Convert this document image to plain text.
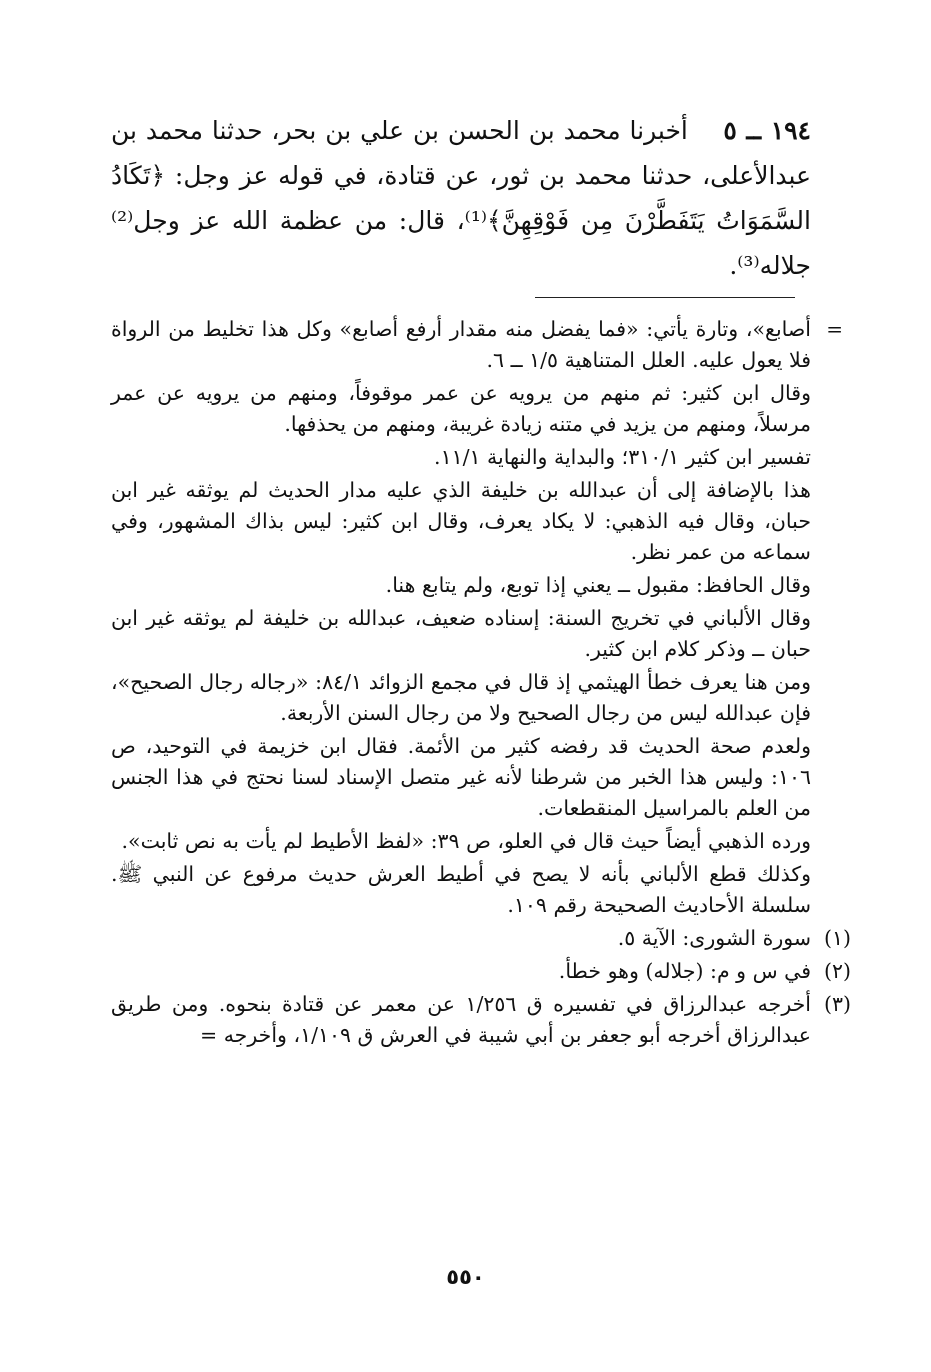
١٩٤ ــ ٥    أخبرنا محمد بن الحسن بن علي بن بحر، حدثنا محمد بن عبدالأعلى، حدثنا محمد بن ثور، عن قتادة، في قوله عز وجل: ﴿تَكَادُ السَّمَوَاتُ يَتَفَطَّرْنَ مِن فَوْقِهِنَّ﴾⁽¹⁾، قال: من عظمة الله عز وجل⁽²⁾ جلاله⁽³⁾.

=

أصابع»، وتارة يأتي: «فما يفضل منه مقدار أرفع أصابع» وكل هذا تخليط من الرواة فلا يعول عليه. العلل المتناهية ١/٥ ــ ٦.

وقال ابن كثير: ثم منهم من يرويه عن عمر موقوفاً، ومنهم من يرويه عن عمر مرسلاً، ومنهم من يزيد في متنه زيادة غريبة، ومنهم من يحذفها.

تفسير ابن كثير ٣١٠/١؛ والبداية والنهاية ١١/١.

هذا بالإضافة إلى أن عبدالله بن خليفة الذي عليه مدار الحديث لم يوثقه غير ابن حبان، وقال فيه الذهبي: لا يكاد يعرف، وقال ابن كثير: ليس بذاك المشهور، وفي سماعه من عمر نظر.

وقال الحافظ: مقبول ــ يعني إذا توبع، ولم يتابع هنا.

وقال الألباني في تخريج السنة: إسناده ضعيف، عبدالله بن خليفة لم يوثقه غير ابن حبان ــ وذكر كلام ابن كثير.

ومن هنا يعرف خطأ الهيثمي إذ قال في مجمع الزوائد ٨٤/١: «رجاله رجال الصحيح»، فإن عبدالله ليس من رجال الصحيح ولا من رجال السنن الأربعة.

ولعدم صحة الحديث قد رفضه كثير من الأئمة. فقال ابن خزيمة في التوحيد، ص ١٠٦: وليس هذا الخبر من شرطنا لأنه غير متصل الإسناد لسنا نحتج في هذا الجنس من العلم بالمراسيل المنقطعات.

ورده الذهبي أيضاً حيث قال في العلو، ص ٣٩: «لفظ الأطيط لم يأت به نص ثابت».

وكذلك قطع الألباني بأنه لا يصح في أطيط العرش حديث مرفوع عن النبي ﷺ. سلسلة الأحاديث الصحيحة رقم ١٠٩.

(١)
سورة الشورى: الآية ٥.
(٢)
في س و م: (جلاله) وهو خطأ.
(٣)
أخرجه عبدالرزاق في تفسيره ق ١/٢٥٦ عن معمر عن قتادة بنحوه. ومن طريق عبدالرزاق أخرجه أبو جعفر بن أبي شيبة في العرش ق ١/١٠٩، وأخرجه =
٥٥٠
